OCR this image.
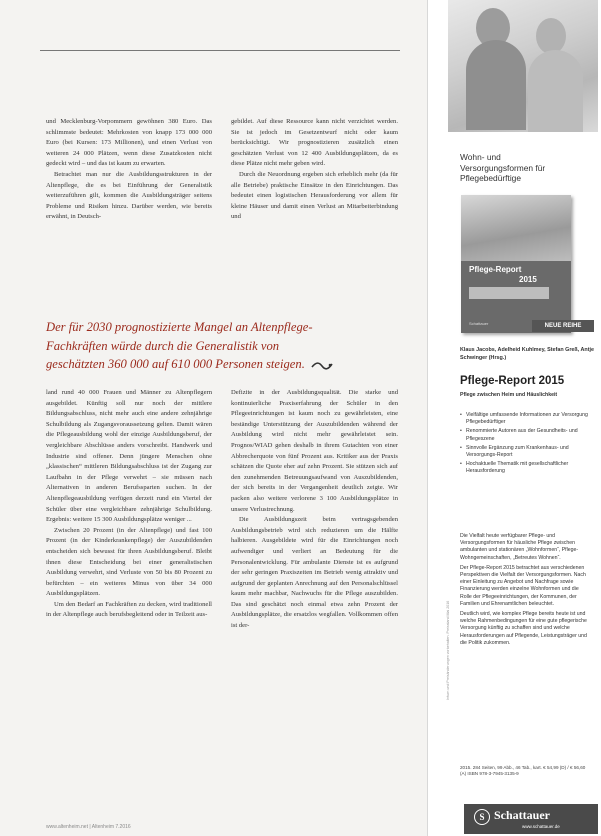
und Mecklenburg-Vorpommern gewöhnen 380 Euro. Das schlimmste bedeutet: Mehrkosten von knapp 173 000 000 Euro (bei Kursen: 173 Millionen), und einen Verlust von weiteren 24 000 Plätzen, wenn diese Zusatzkosten nicht gedeckt wird – und das ist kaum zu erwarten.

Betrachtet man nur die Ausbildungsstrukturen in der Altenpflege, die es bei Einführung der Generalistik weiterzuführen gilt, kommen die Ausbildungsträger seitens Probleme und Risiken hinzu. Darüber werden, wie bereits erwähnt, in Deutsch-

gebildet. Auf diese Ressource kann nicht verzichtet werden. Sie ist jedoch im Gesetzentwurf nicht oder kaum berücksichtigt. Wir prognostizieren zusätzlich einen geschätzten Verlust von 12 400 Ausbildungsplätzen, da es diese Plätze nicht mehr geben wird.

Durch die Neuordnung ergeben sich erheblich mehr (da für alle Betriebe) praktische Einsätze in den Einrichtungen. Das bedeutet einen logistischen Herausforderung vor allem für kleine Häuser und damit einen Verlust an Mitarbeiterbindung und

Der für 2030 prognostizierte Mangel an Altenpflege-
Fachkräften würde durch die Generalistik von
geschätzten 360 000 auf 610 000 Personen steigen.

land rund 40 000 Frauen und Männer zu Altenpflegern ausgebildet. Künftig soll nur noch der mittlere Bildungsabschluss, nicht mehr auch eine andere zehnjährige Schulbildung als Zugangsvoraussetzung gelten. Damit wären die Pflegeausbildung wohl der einzige Ausbildungsberuf, der vergleichbare Abschlüsse anders vorschreibt. Handwerk und Industrie sind offener. Denn jüngere Menschen ohne „klassischen“ mittleren Bildungsabschluss ist der Zugang zur Laufbahn in der Pflege verwehrt – sie müssen nach Alternativen in anderen Berufssparten suchen. In der Altenpflegeausbildung verfügen derzeit rund ein Viertel der Schüler über eine vergleichbare zehnjährige Schulbildung. Ergebnis: weitere 15 300 Ausbildungsplätze weniger ...

Zwischen 20 Prozent (in der Altenpflege) und fast 100 Prozent (in der Kinderkrankenpflege) der Auszubildenden entscheiden sich bewusst für ihren Ausbildungsberuf. Bleibt ihnen diese Entscheidung bei einer generalistischen Ausbildung verwehrt, sind Verluste von 50 bis 80 Prozent zu befürchten – ein weiteres Minus von über 34 000 Ausbildungsplätzen.

Um den Bedarf an Fachkräften zu decken, wird traditionell in der Altenpflege auch berufsbegleitend oder in Teilzeit aus-

Defizite in der Ausbildungsqualität. Die starke und kontinuierliche Praxiserfahrung der Schüler in den Pflegeeinrichtungen ist kaum noch zu gewährleisten, eine beständige Unterstützung der Auszubildenden während der Ausbildung wird nicht mehr gewährleistet sein. Prognos/WIAD gehen deshalb in ihrem Gutachten von einer Abbrecherquote von fünf Prozent aus. Kritiker aus der Praxis schätzen die Quote eher auf zehn Prozent. Sie stützen sich auf den zunehmenden Betreuungsaufwand von Auszubildenden, der sich bereits in der Vergangenheit deutlich zeigte. Wir packen also weitere verlorene 3 100 Ausbildungsplätze in unsere Verlustrechnung.

Die Ausbildungszeit beim vertragsgebenden Ausbildungsbetrieb wird sich reduzieren um die Hälfte halbieren. Ausgebildete wird für die Einrichtungen noch aufwendiger und verliert an Bedeutung für die Personalentwicklung. Für ambulante Dienste ist es aufgrund der sehr geringen Praxiszeiten im Betrieb wenig attraktiv und aufgrund der geplanten Anrechnung auf den Personalschlüssel kaum mehr machbar, Nachwuchs für die Pflege auszubilden. Das sind geschätzt noch einmal etwa zehn Prozent der Ausbildungsplätze, die ersatzlos wegfallen. Vollkommen offen ist der-

www.altenheim.net | Altenheim 7.2016
Wohn- und
Versorgungsformen für
Pflegebedürftige
Pflege-Report
2015
Schattauer	NEUE REIHE
Klaus Jacobs, Adelheid Kuhlmey, Stefan Greß, Antje Schwinger (Hrsg.)
Pflege-Report 2015
Pflege zwischen Heim und Häuslichkeit
• Vielfältige umfassende Informationen zur Versorgung Pflegebedürftiger
• Renommierte Autoren aus der Gesundheits- und Pflegeszene
• Sinnvolle Ergänzung zum Krankenhaus- und Versorgungs-Report
• Hochaktuelle Thematik mit gesellschaftlicher Herausforderung

Die Vielfalt heute verfügbarer Pflege- und Versorgungsformen für häusliche Pflege zwischen ambulanten und stationären „Wohnformen“, Pflege-Wohngemeinschaften, „Betreutes Wohnen“.

Der Pflege-Report 2015 betrachtet aus verschiedenen Perspektiven die Vielfalt der Versorgungsformen. Nach einer Einleitung zu Angebot und Nachfrage sowie Finanzierung werden einzelne Wohnformen und die Rolle der Pflegeeinrichtungen, der Kommunen, der Familien und Ehrenamtlichen beleuchtet.

Deutlich wird, wie komplex Pflege bereits heute ist und welche Rahmenbedingungen für eine gute pflegerische Versorgung künftig zu schaffen sind und welche Herausforderungen auf Pflegende, Leistungsträger und die Politik zukommen.

2015. 284 Seiten, 99 Abb., 46 Tab., kart. € 54,99 (D) / € 56,60 (A) ISBN 978-3-7945-3135-9
Irrtum und Preisänderungen vorbehalten. Preisstand Mai 2016
S Schattauer
www.schattauer.de
